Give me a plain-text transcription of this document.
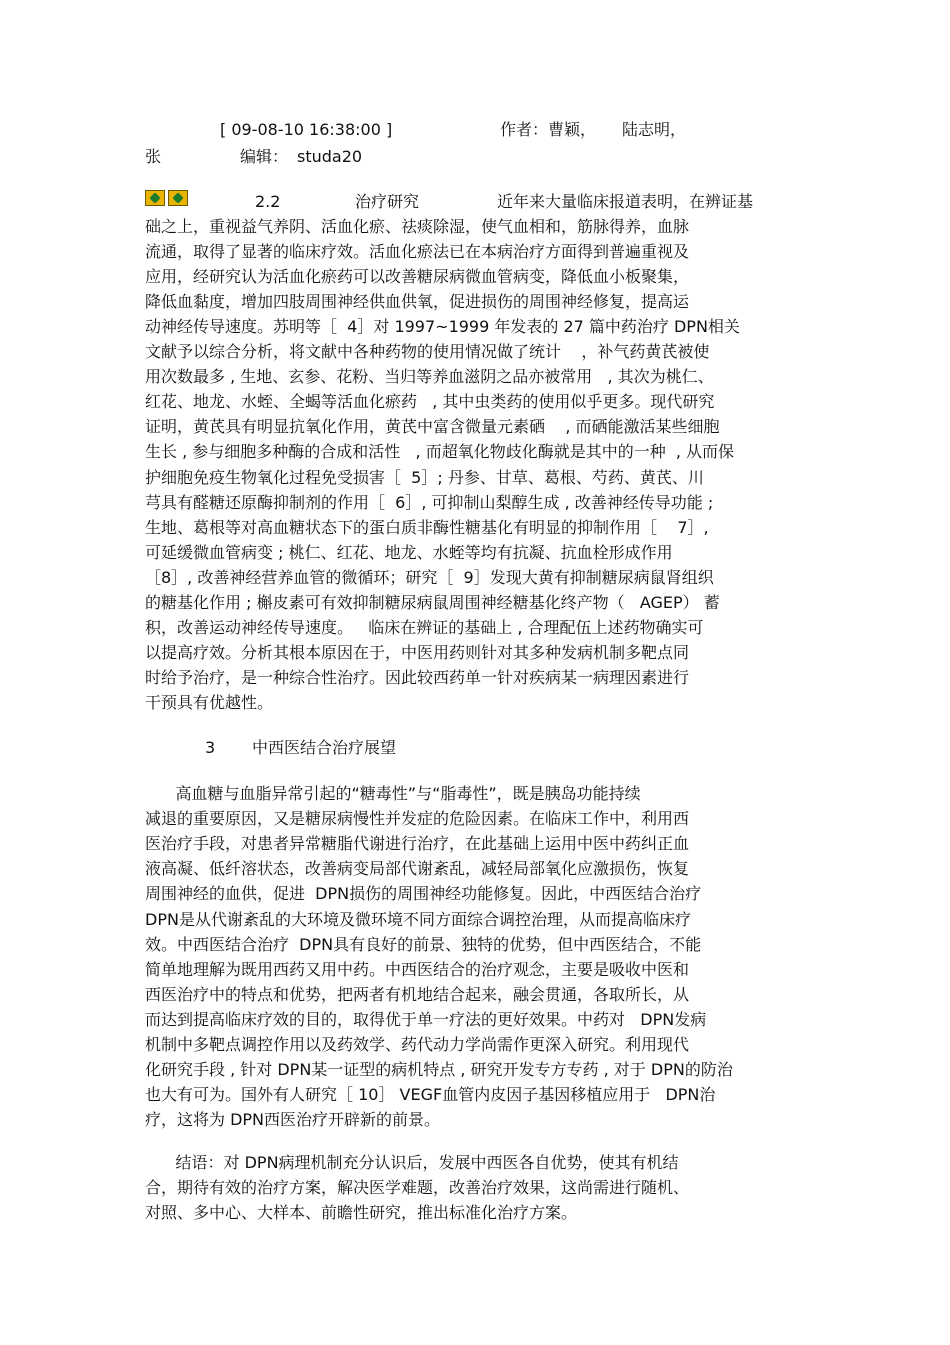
[ 09-08-10 16:38:00 ]	作者：曹颖， 陆志明，
张	编辑： studa20
2.2	治疗研究	近年来大量临床报道表明，在辨证基
础之上，重视益气养阴、活血化瘀、祛痰除湿，使气血相和，筋脉得养，血脉
流通，取得了显著的临床疗效。活血化瘀法已在本病治疗方面得到普遍重视及
应用，经研究认为活血化瘀药可以改善糖尿病微血管病变，降低血小板聚集，
降低血黏度，增加四肢周围神经供血供氧，促进损伤的周围神经修复，提高运
动神经传导速度。苏明等［  4］对 1997~1999 年发表的 27 篇中药治疗 DPN相关
文献予以综合分析，将文献中各种药物的使用情况做了统计    ，补气药黄芪被使
用次数最多 , 生地、玄参、花粉、当归等养血滋阴之品亦被常用   , 其次为桃仁、
红花、地龙、水蛭、全蝎等活血化瘀药   , 其中虫类药的使用似乎更多。现代研究
证明，黄芪具有明显抗氧化作用，黄芪中富含微量元素硒    , 而硒能激活某些细胞
生长 , 参与细胞多种酶的合成和活性   , 而超氧化物歧化酶就是其中的一种  , 从而保
护细胞免疫生物氧化过程免受损害［  5］; 丹参、甘草、葛根、芍药、黄芪、川
芎具有醛糖还原酶抑制剂的作用［  6］, 可抑制山梨醇生成 , 改善神经传导功能 ;
生地、葛根等对高血糖状态下的蛋白质非酶性糖基化有明显的抑制作用［    7］,
可延缓微血管病变 ; 桃仁、红花、地龙、水蛭等均有抗凝、抗血栓形成作用
［8］, 改善神经营养血管的微循环；研究［  9］发现大黄有抑制糖尿病鼠肾组织
的糖基化作用 ; 槲皮素可有效抑制糖尿病鼠周围神经糖基化终产物（   AGEP） 蓄
积，改善运动神经传导速度。   临床在辨证的基础上 , 合理配伍上述药物确实可
以提高疗效。分析其根本原因在于，中医用药则针对其多种发病机制多靶点同
时给予治疗，是一种综合性治疗。因此较西药单一针对疾病某一病理因素进行
干预具有优越性。
3 中西医结合治疗展望
高血糖与血脂异常引起的“糖毒性”与“脂毒性”，既是胰岛功能持续
减退的重要原因，又是糖尿病慢性并发症的危险因素。在临床工作中，利用西
医治疗手段，对患者异常糖脂代谢进行治疗，在此基础上运用中医中药纠正血
液高凝、低纤溶状态，改善病变局部代谢紊乱，减轻局部氧化应激损伤，恢复
周围神经的血供，促进  DPN损伤的周围神经功能修复。因此，中西医结合治疗
DPN是从代谢紊乱的大环境及微环境不同方面综合调控治理，从而提高临床疗
效。中西医结合治疗  DPN具有良好的前景、独特的优势，但中西医结合，不能
简单地理解为既用西药又用中药。中西医结合的治疗观念，主要是吸收中医和
西医治疗中的特点和优势，把两者有机地结合起来，融会贯通，各取所长，从
而达到提高临床疗效的目的，取得优于单一疗法的更好效果。中药对   DPN发病
机制中多靶点调控作用以及药效学、药代动力学尚需作更深入研究。利用现代
化研究手段 , 针对 DPN某一证型的病机特点 , 研究开发专方专药 , 对于 DPN的防治
也大有可为。国外有人研究［ 10］ VEGF血管内皮因子基因移植应用于   DPN治
疗，这将为 DPN西医治疗开辟新的前景。
结语：对 DPN病理机制充分认识后，发展中西医各自优势，使其有机结
合，期待有效的治疗方案，解决医学难题，改善治疗效果，这尚需进行随机、
对照、多中心、大样本、前瞻性研究，推出标准化治疗方案。
